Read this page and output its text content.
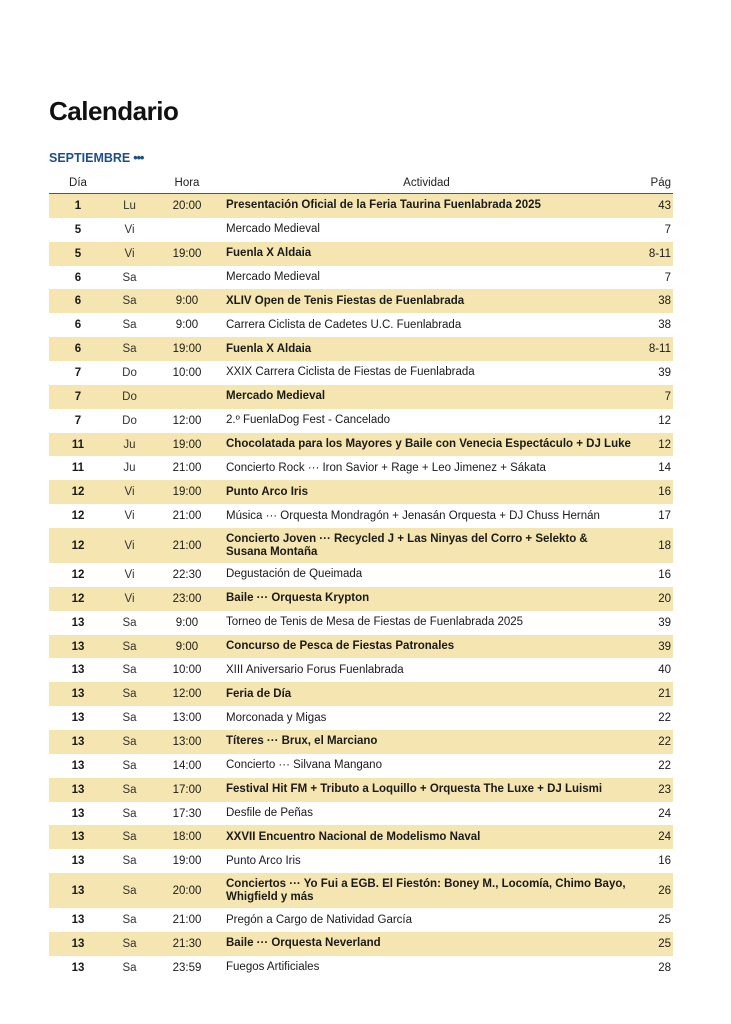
Calendario
SEPTIEMBRE •••
Día		Hora	Actividad	Pág
1	Lu	20:00	Presentación Oficial de la Feria Taurina Fuenlabrada 2025	43
5	Vi		Mercado Medieval	7
5	Vi	19:00	Fuenla X Aldaia	8-11
6	Sa		Mercado Medieval	7
6	Sa	9:00	XLIV Open de Tenis Fiestas de Fuenlabrada	38
6	Sa	9:00	Carrera Ciclista de Cadetes U.C. Fuenlabrada	38
6	Sa	19:00	Fuenla X Aldaia	8-11
7	Do	10:00	XXIX Carrera Ciclista de Fiestas de Fuenlabrada	39
7	Do		Mercado Medieval	7
7	Do	12:00	2.º FuenlaDog Fest - Cancelado	12
11	Ju	19:00	Chocolatada para los Mayores y Baile con Venecia Espectáculo + DJ Luke	12
11	Ju	21:00	Concierto Rock ··· Iron Savior + Rage + Leo Jimenez + Sákata	14
12	Vi	19:00	Punto Arco Iris	16
12	Vi	21:00	Música ··· Orquesta Mondragón + Jenasán Orquesta + DJ Chuss Hernán	17
12	Vi	21:00	Concierto Joven ··· Recycled J + Las Ninyas del Corro + Selekto & Susana Montaña	18
12	Vi	22:30	Degustación de Queimada	16
12	Vi	23:00	Baile ··· Orquesta Krypton	20
13	Sa	9:00	Torneo de Tenis de Mesa de Fiestas de Fuenlabrada 2025	39
13	Sa	9:00	Concurso de Pesca de Fiestas Patronales	39
13	Sa	10:00	XIII Aniversario Forus Fuenlabrada	40
13	Sa	12:00	Feria de Día	21
13	Sa	13:00	Morconada y Migas	22
13	Sa	13:00	Títeres ··· Brux, el Marciano	22
13	Sa	14:00	Concierto ··· Silvana Mangano	22
13	Sa	17:00	Festival Hit FM + Tributo a Loquillo + Orquesta The Luxe + DJ Luismi	23
13	Sa	17:30	Desfile de Peñas	24
13	Sa	18:00	XXVII Encuentro Nacional de Modelismo Naval	24
13	Sa	19:00	Punto Arco Iris	16
13	Sa	20:00	Conciertos ··· Yo Fui a EGB. El Fiestón: Boney M., Locomía, Chimo Bayo, Whigfield y más	26
13	Sa	21:00	Pregón a Cargo de Natividad García	25
13	Sa	21:30	Baile ··· Orquesta Neverland	25
13	Sa	23:59	Fuegos Artificiales	28
